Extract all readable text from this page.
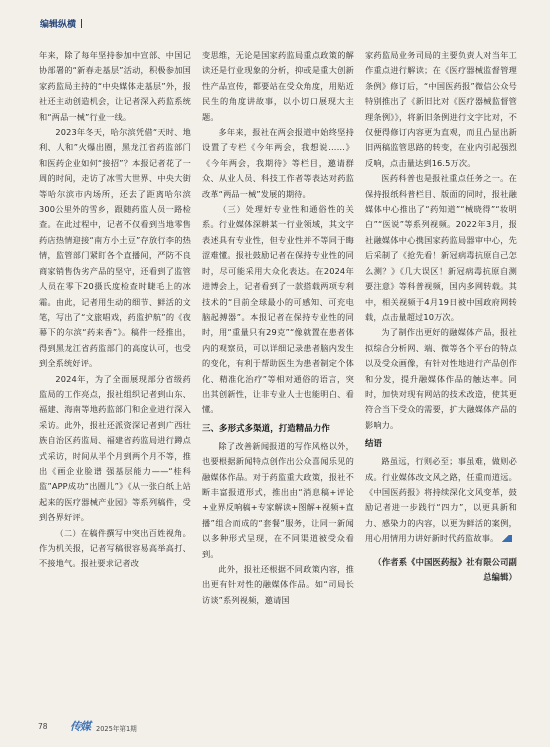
编辑纵横

年来，除了每年坚持参加中宣部、中国记协部署的“新春走基层”活动，积极参加国家药监局主持的“中央媒体走基层”外，报社还主动创造机会，让记者深入药监系统和“两品一械”行业一线。

2023年冬天，哈尔滨凭借“天时、地利、人和”火爆出圈，黑龙江省药监部门和医药企业如何“接招”？本报记者花了一周的时间，走访了冰雪大世界、中央大街等哈尔滨市内场所，还去了距离哈尔滨300公里外的雪乡，跟随药监人员一路检查。在此过程中，记者不仅看到当地零售药店热情迎接“南方小土豆”存放行李的热情，监管部门紧盯各个直播间，严防不良商家销售伪劣产品的坚守，还看到了监管人员在零下20摄氏度检查时睫毛上的冰霜。由此，记者用生动的细节、鲜活的文笔，写出了“文旅唱戏，药监护航”的《夜幕下的尔滨“药来香”》。稿件一经推出，得到黑龙江省药监部门的高度认可，也受到全系统好评。

2024年，为了全面展现部分省级药监局的工作亮点，报社组织记者到山东、福建、海南等地药监部门和企业进行深入采访。此外，报社还派资深记者到广西壮族自治区药监局、福建省药监局进行蹲点式采访，时间从半个月到两个月不等，推出《画企业脸谱 强基层能力——“桂科监”APP成功“出圈儿”》《从一张白纸上站起来的医疗器械产业园》等系列稿件，受到各界好评。

（二）在稿件撰写中突出百姓视角。作为机关报，记者写稿很容易高举高打、不接地气。报社要求记者改

变思维，无论是国家药监局重点政策的解读还是行业现象的分析，抑或是重大创新性产品宣传，都要站在受众角度，用贴近民生的角度讲故事，以小切口展现大主题。

多年来，报社在两会报道中始终坚持设置了专栏《今年两会，我想说……》《今年两会，我期待》等栏目，邀请群众、从业人员、科技工作者等表达对药监改革“两品一械”发展的期待。

（三）处理好专业性和通俗性的关系。行业媒体深耕某一行业领域，其文字表述具有专业性，但专业性并不等同于晦涩难懂。报社鼓励记者在保持专业性的同时，尽可能采用大众化表达。在2024年进博会上，记者看到了一款搭载两项专利技术的“目前全球最小的可感知、可充电脑起搏器”。本报记者在保持专业性的同时，用“重量只有29克”“像就置在患者体内的观察员，可以详细记录患者脑内发生的变化，有利于帮助医生为患者制定个体化、精准化治疗”等相对通俗的语言，突出其创新性，让非专业人士也能明白、看懂。

三、多形式多渠道，打造精品力作

除了改善新闻报道的写作风格以外，也要根据新闻特点创作出公众喜闻乐见的融媒体作品。对于药监重大政策，报社不断丰富报道形式，推出由“消息稿+评论+业界反响稿+专家解读+图解+视频+直播”组合而成的“套餐”服务，让同一新闻以多种形式呈现，在不同渠道被受众看到。

此外，报社还根据不同政策内容，推出更有针对性的融媒体作品。如“司局长访谈”系列视频，邀请国

家药监局业务司局的主要负责人对当年工作重点进行解读；在《医疗器械监督管理条例》修订后，“中国医药报”微信公众号特别推出了《新旧比对《医疗器械监督管理条例》》，将新旧条例进行文字比对，不仅便得修订内容更为直观，而且凸显出新旧两稿监管思路的转变，在业内引起强烈反响，点击量达到16.5万次。

医药科普也是报社重点任务之一。在保持报纸科普栏目、版面的同时，报社融媒体中心推出了“药知道”“械晓得”“妆明白”“医说”等系列视频。2022年3月，报社融媒体中心携国家药监局器审中心，先后采制了《抢先看！新冠病毒抗原自己怎么测？》《几大误区！新冠病毒抗原自测要注意》等科普视频，国内多网转载。其中，相关视频于4月19日被中国政府网转载，点击量超过10万次。

为了制作出更好的融媒体产品，报社拟综合分析网、端、微等各个平台的特点以及受众画像，有针对性地进行产品创作和分发，提升融媒体作品的触达率。同时，加快对现有网站的技术改造，使其更符合当下受众的需要，扩大融媒体产品的影响力。

结语

路虽远，行则必至；事虽难，做则必成。行业媒体改文风之路，任重而道远。《中国医药报》将持续深化文风变革，鼓励记者进一步践行“四力”，以更具新和力、感染力的内容，以更为鲜活的案例，用心用情用力讲好新时代药监故事。

（作者系《中国医药报》社有限公司副总编辑）
78 传媒 2025年第1期
